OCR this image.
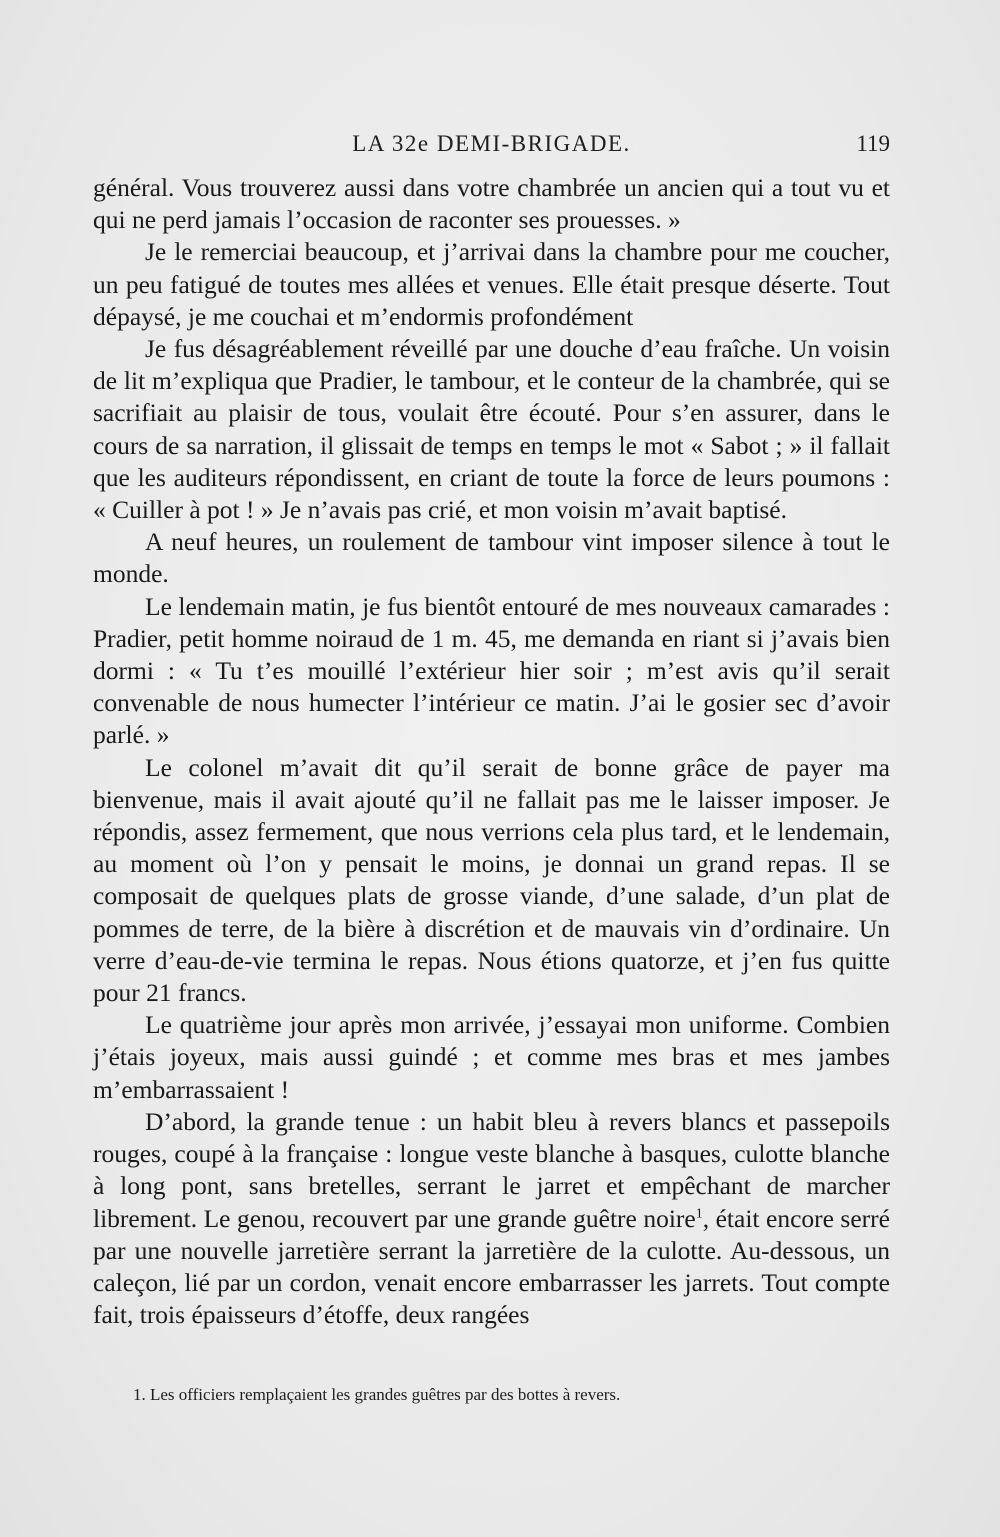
LA 32e DEMI-BRIGADE.	119

général. Vous trouverez aussi dans votre chambrée un ancien qui a tout vu et qui ne perd jamais l’occasion de raconter ses prouesses. »

Je le remerciai beaucoup, et j’arrivai dans la chambre pour me coucher, un peu fatigué de toutes mes allées et venues. Elle était presque déserte. Tout dépaysé, je me couchai et m’endormis profondément

Je fus désagréablement réveillé par une douche d’eau fraîche. Un voisin de lit m’expliqua que Pradier, le tambour, et le conteur de la chambrée, qui se sacrifiait au plaisir de tous, voulait être écouté. Pour s’en assurer, dans le cours de sa narration, il glissait de temps en temps le mot « Sabot ; » il fallait que les auditeurs répondissent, en criant de toute la force de leurs poumons : « Cuiller à pot ! » Je n’avais pas crié, et mon voisin m’avait baptisé.

A neuf heures, un roulement de tambour vint imposer silence à tout le monde.

Le lendemain matin, je fus bientôt entouré de mes nouveaux camarades : Pradier, petit homme noiraud de 1 m. 45, me demanda en riant si j’avais bien dormi : « Tu t’es mouillé l’extérieur hier soir ; m’est avis qu’il serait convenable de nous humecter l’intérieur ce matin. J’ai le gosier sec d’avoir parlé. »

Le colonel m’avait dit qu’il serait de bonne grâce de payer ma bienvenue, mais il avait ajouté qu’il ne fallait pas me le laisser imposer. Je répondis, assez fermement, que nous verrions cela plus tard, et le lendemain, au moment où l’on y pensait le moins, je donnai un grand repas. Il se composait de quelques plats de grosse viande, d’une salade, d’un plat de pommes de terre, de la bière à discrétion et de mauvais vin d’ordinaire. Un verre d’eau-de-vie termina le repas. Nous étions quatorze, et j’en fus quitte pour 21 francs.

Le quatrième jour après mon arrivée, j’essayai mon uniforme. Combien j’étais joyeux, mais aussi guindé ; et comme mes bras et mes jambes m’embarrassaient !

D’abord, la grande tenue : un habit bleu à revers blancs et passepoils rouges, coupé à la française : longue veste blanche à basques, culotte blanche à long pont, sans bretelles, serrant le jarret et empêchant de marcher librement. Le genou, recouvert par une grande guêtre noire$^1$, était encore serré par une nouvelle jarretière serrant la jarretière de la culotte. Au-dessous, un caleçon, lié par un cordon, venait encore embarrasser les jarrets. Tout compte fait, trois épaisseurs d’étoffe, deux rangées

1. Les officiers remplaçaient les grandes guêtres par des bottes à revers.
